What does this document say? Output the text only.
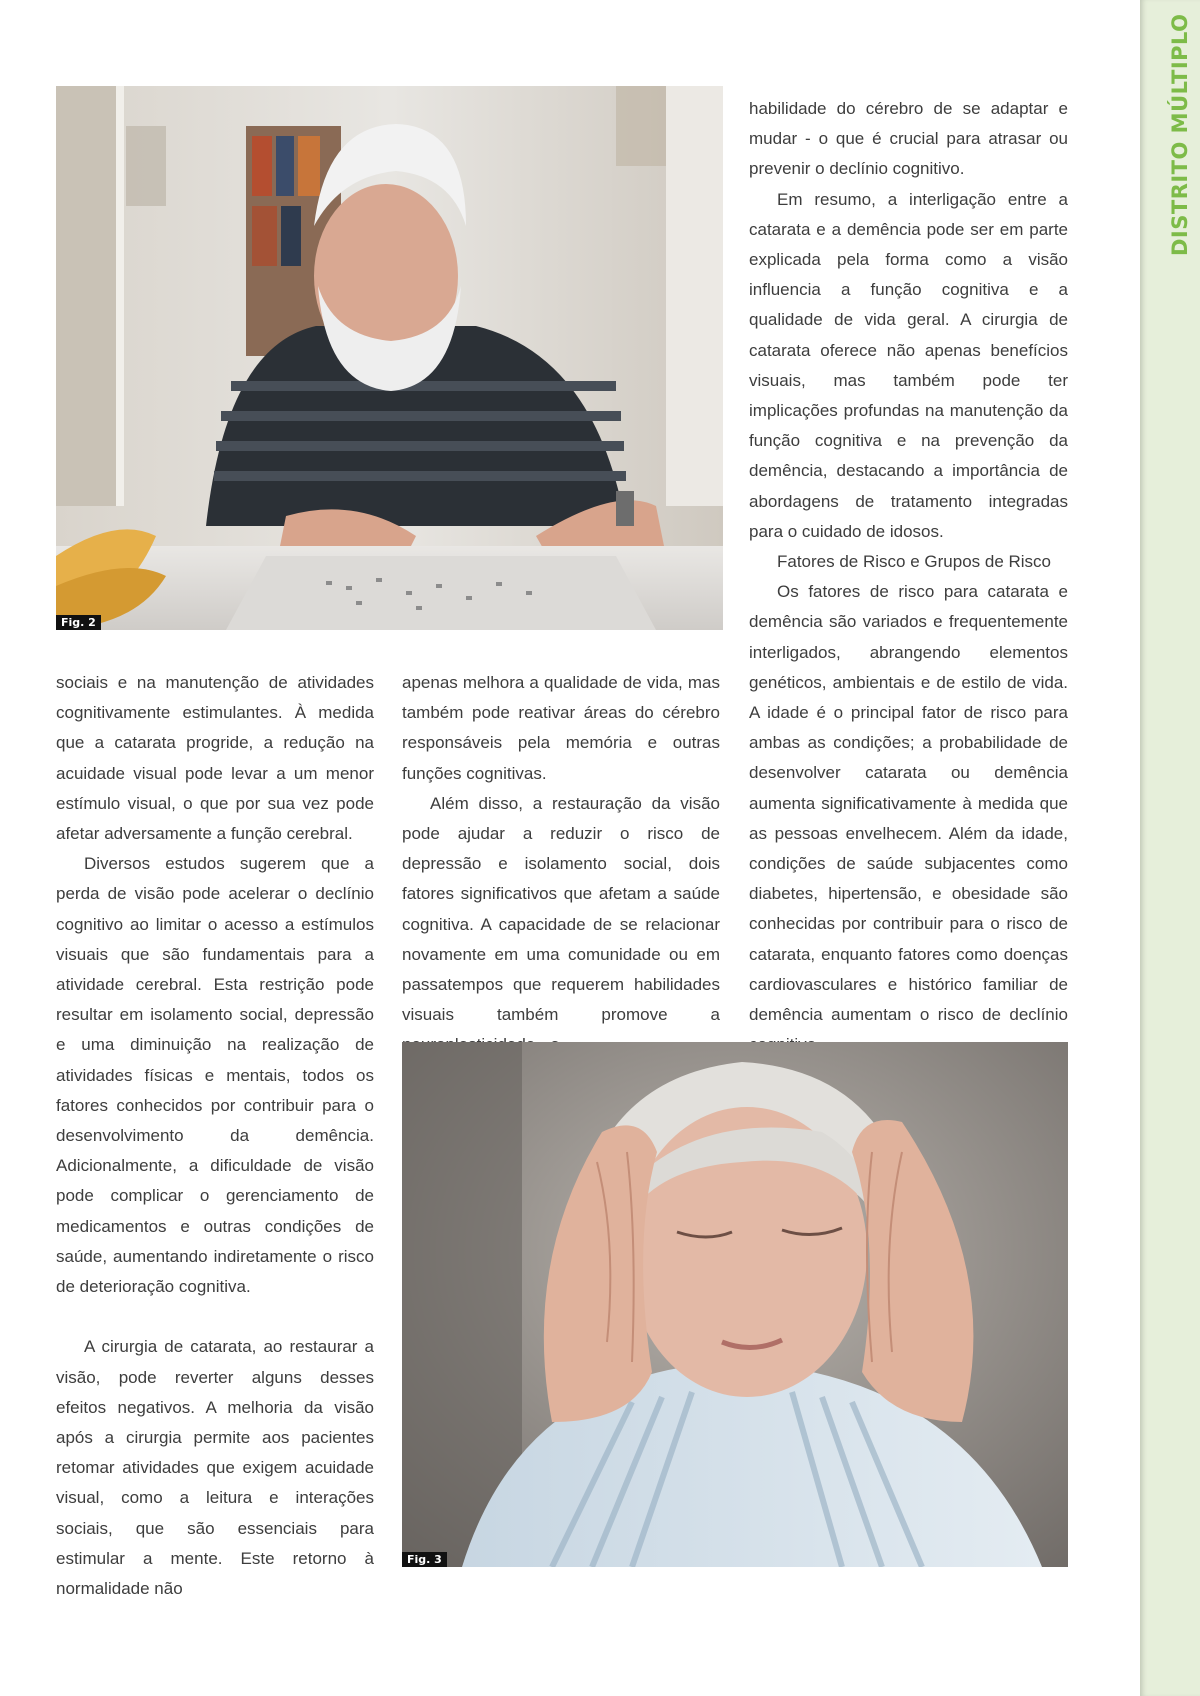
DISTRITO MÚLTIPLO
Fig. 2

sociais e na manutenção de atividades cognitivamente estimulantes. À medida que a catarata progride, a redução na acuidade visual pode levar a um menor estímulo visual, o que por sua vez pode afetar adversamente a função cerebral.

Diversos estudos sugerem que a perda de visão pode acelerar o declínio cognitivo ao limitar o acesso a estímulos visuais que são fundamentais para a atividade cerebral. Esta restrição pode resultar em isolamento social, depressão e uma diminuição na realização de atividades físicas e mentais, todos os fatores conhecidos por contribuir para o desenvolvimento da demência. Adicionalmente, a dificuldade de visão pode complicar o gerenciamento de medicamentos e outras condições de saúde, aumentando indiretamente o risco de deterioração cognitiva.

A cirurgia de catarata, ao restaurar a visão, pode reverter alguns desses efeitos negativos. A melhoria da visão após a cirurgia permite aos pacientes retomar atividades que exigem acuidade visual, como a leitura e interações sociais, que são essenciais para estimular a mente. Este retorno à normalidade não

apenas melhora a qualidade de vida, mas também pode reativar áreas do cérebro responsáveis pela memória e outras funções cognitivas.

Além disso, a restauração da visão pode ajudar a reduzir o risco de depressão e isolamento social, dois fatores significativos que afetam a saúde cognitiva. A capacidade de se relacionar novamente em uma comunidade ou em passatempos que requerem habilidades visuais também promove a

habilidade do cérebro de se adaptar e mudar - o que é crucial para atrasar ou prevenir o declínio cognitivo.

Em resumo, a interligação entre a catarata e a demência pode ser em parte explicada pela forma como a visão influencia a função cognitiva e a qualidade de vida geral. A cirurgia de catarata oferece não apenas benefícios visuais, mas também pode ter implicações profundas na manutenção da função cognitiva e na prevenção da demência, destacando a importância de abordagens de tratamento integradas para o cuidado de idosos.

Fatores de Risco e Grupos de Risco

Os fatores de risco para catarata e demência são variados e frequentemente interligados, abrangendo elementos genéticos, ambientais e de estilo de vida. A idade é o principal fator de risco para ambas as condições; a probabilidade de desenvolver catarata ou demência aumenta significativamente à medida que as pessoas envelhecem. Além da idade, condições de saúde subjacentes como diabetes, hipertensão, e obesidade são conhecidas por contribuir para o risco de catarata, enquanto fatores como doenças cardiovasculares e histórico familiar de demência aumentam o risco de declínio

Fig. 3
